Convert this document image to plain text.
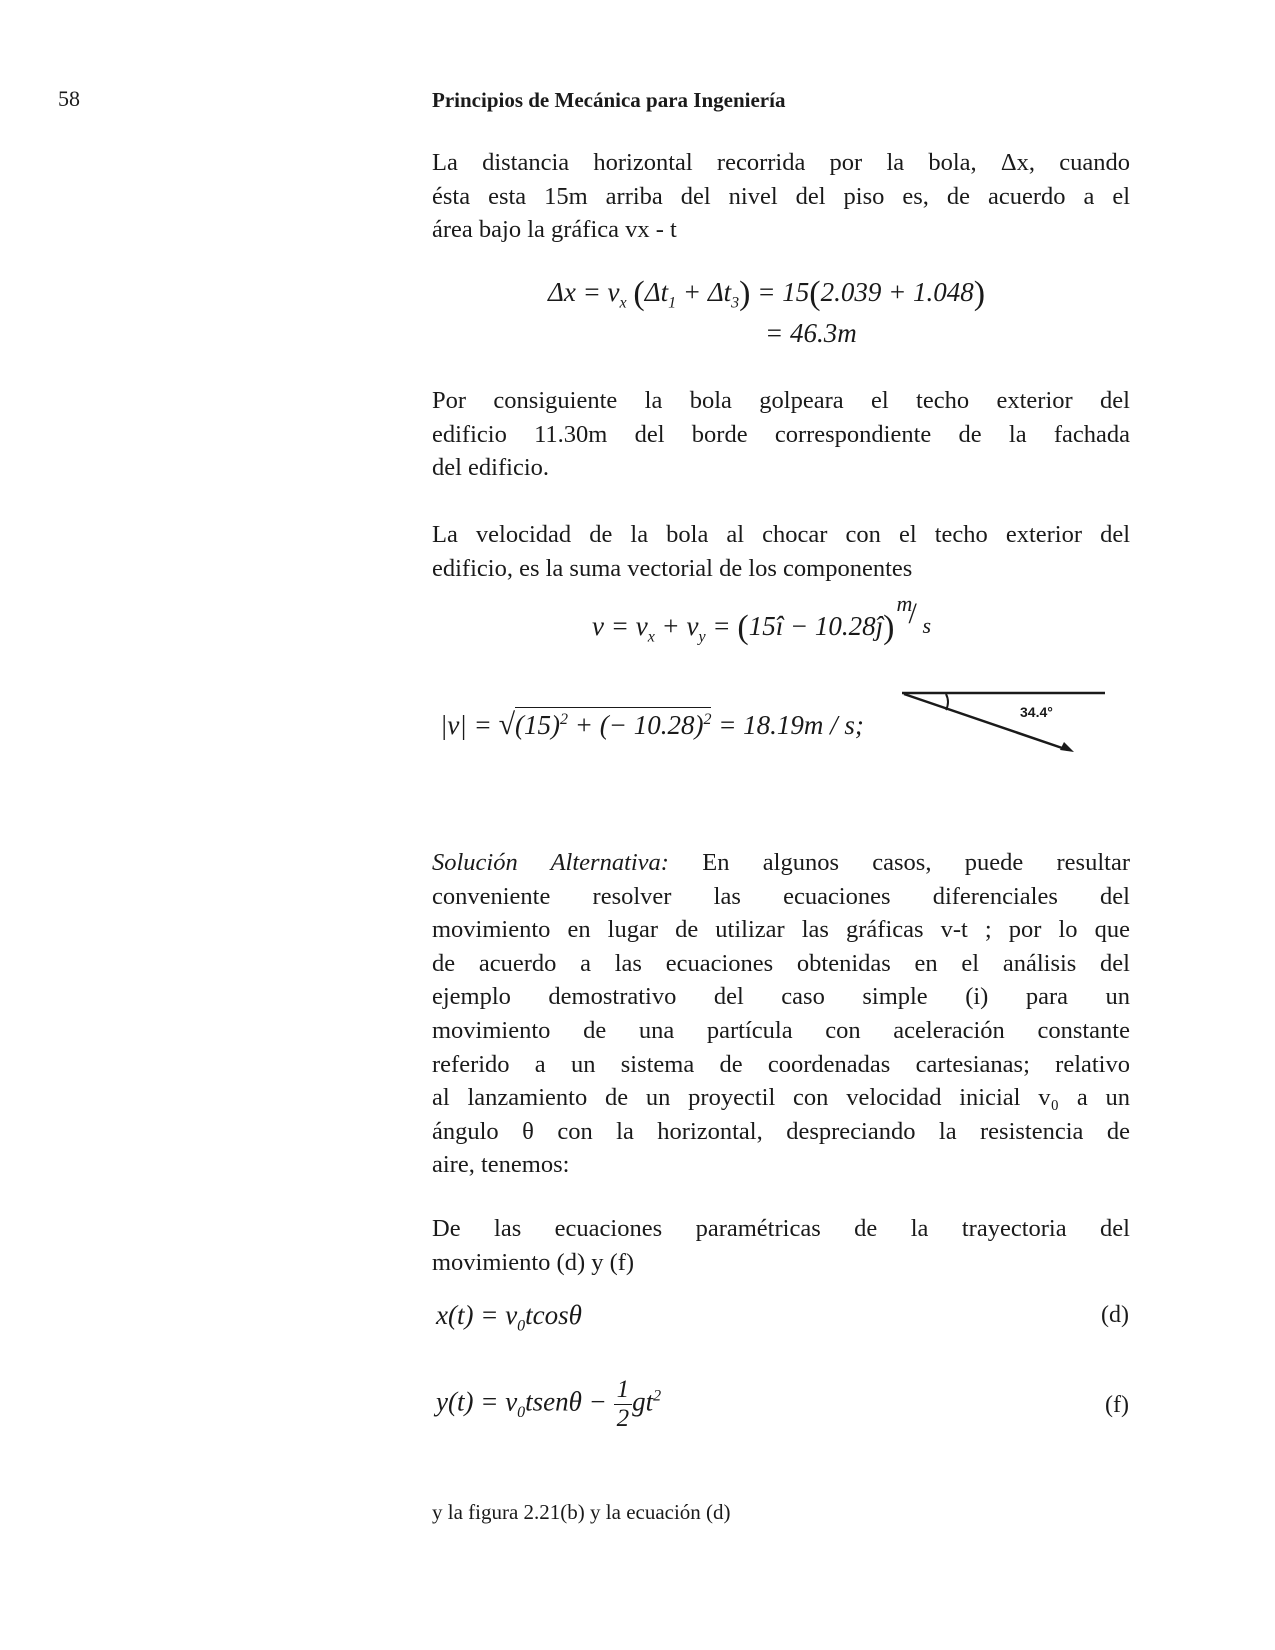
58	Principios de Mecánica para Ingeniería
La distancia horizontal recorrida por la bola, Δx, cuando
ésta esta 15m arriba del nivel del piso es, de acuerdo a el
área bajo la gráfica vx - t
$\Delta x = v_x$ $(\Delta t_1 + \Delta t_3) = 15(2.039 + 1.048)$
= 46.3m
Por consiguiente la bola golpeara el techo exterior del
edificio 11.30m del borde correspondiente de la fachada
del edificio.
La velocidad de la bola al chocar con el techo exterior del
edificio, es la suma vectorial de los componentes
$v = v_x + v_y$ = (15î − 10.28ĵ)
m
/ s
$|v| = √(15)^2$ + (− 10.28)$^2$ = 18.19m / s;	34.4°
Solución Alternativa: En algunos casos, puede resultar
conveniente resolver las ecuaciones diferenciales del
movimiento en lugar de utilizar las gráficas v-t ; por lo que
de acuerdo a las ecuaciones obtenidas en el análisis del
ejemplo demostrativo del caso simple (i) para un
movimiento de una partícula con aceleración constante
referido a un sistema de coordenadas cartesianas; relativo
al lanzamiento de un proyectil con velocidad inicial v₀ a un
ángulo θ con la horizontal, despreciando la resistencia de
aire, tenemos:
De las ecuaciones paramétricas de la trayectoria del
movimiento (d) y (f)
$x(t) = v_0tcos\theta$	(d)
$y(t) = v_0tsen\theta - \frac{1}{2} gt^2$	(f)
y la figura 2.21(b) y la ecuación (d)
